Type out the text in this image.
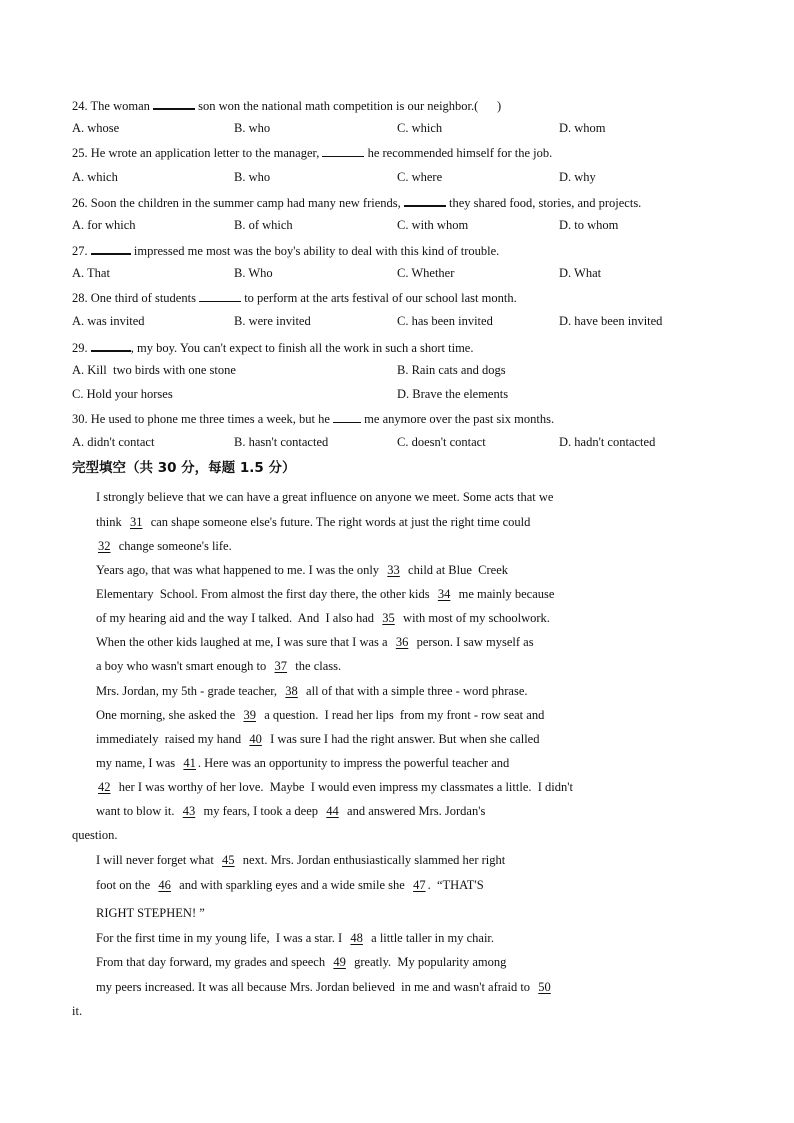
24. The woman	son won the national math competition is our neighbor.(      )
A. whose	B. who	C. which	D. whom
25. He wrote an application letter to the manager,	he recommended himself for the job.
A. which	B. who	C. where	D. why
26. Soon the children in the summer camp had many new friends,	they shared food, stories, and projects.
A. for which	B. of which	C. with whom	D. to whom
27.	impressed me most was the boy's ability to deal with this kind of trouble.
A. That	B. Who	C. Whether	D. What
28. One third of students	to perform at the arts festival of our school last month.
A. was invited	B. were invited	C. has been invited	D. have been invited
29.	, my boy. You can't expect to finish all the work in such a short time.
A. Kill  two birds with one stone	B. Rain cats and dogs
C. Hold your horses	D. Brave the elements
30. He used to phone me three times a week, but he	me anymore over the past six months.
A. didn't contact	B. hasn't contacted	C. doesn't contact	D. hadn't contacted
完型填空（共 30 分，每题 1.5 分）
I strongly believe that we can have a great influence on anyone we meet. Some acts that we
think 31 can shape someone else's future. The right words at just the right time could
32 change someone's life.
Years ago, that was what happened to me. I was the only 33 child at Blue  Creek
Elementary  School. From almost the first day there, the other kids 34 me mainly because
of my hearing aid and the way I talked.  And  I also had 35 with most of my schoolwork.
When the other kids laughed at me, I was sure that I was a 36 person. I saw myself as
a boy who wasn't smart enough to 37 the class.
Mrs. Jordan, my 5th - grade teacher, 38 all of that with a simple three - word phrase.
One morning, she asked the 39 a question.  I read her lips  from my front - row seat and
immediately  raised my hand 40 I was sure I had the right answer. But when she called
my name, I was 41 . Here was an opportunity to impress the powerful teacher and
42 her I was worthy of her love.  Maybe  I would even impress my classmates a little.  I didn't
want to blow it. 43 my fears, I took a deep 44 and answered Mrs. Jordan's
question.
I will never forget what 45 next. Mrs. Jordan enthusiastically slammed her right
foot on the 46 and with sparkling eyes and a wide smile she 47 .  “THAT'S
RIGHT STEPHEN! ”
For the first time in my young life,  I was a star. I 48 a little taller in my chair.
From that day forward, my grades and speech 49 greatly.  My popularity among
my peers increased. It was all because Mrs. Jordan believed  in me and wasn't afraid to 50
it.
